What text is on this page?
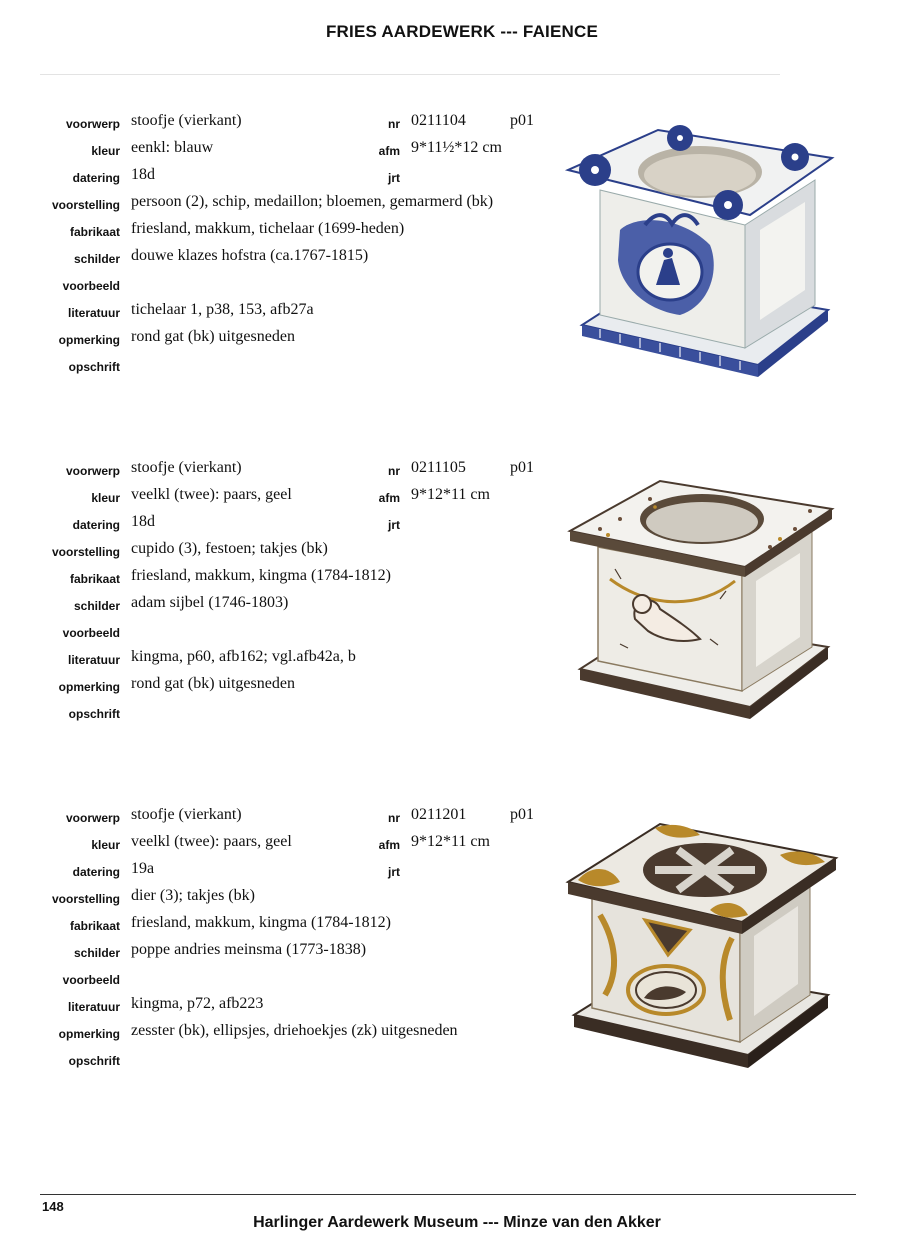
FRIES AARDEWERK --- FAIENCE
voorwerp stoofje (vierkant)	nr 0211104	p01
kleur eenkl: blauw	afm 9*11½*12 cm
datering 18d	jrt
voorstelling persoon (2), schip, medaillon; bloemen, gemarmerd (bk)
fabrikaat friesland, makkum, tichelaar (1699-heden)
schilder douwe klazes hofstra (ca.1767-1815)
voorbeeld
literatuur tichelaar 1, p38, 153, afb27a
opmerking rond gat (bk) uitgesneden
opschrift
voorwerp stoofje (vierkant)	nr 0211105	p01
kleur veelkl (twee): paars, geel	afm 9*12*11 cm
datering 18d	jrt
voorstelling cupido (3), festoen; takjes (bk)
fabrikaat friesland, makkum, kingma (1784-1812)
schilder adam sijbel (1746-1803)
voorbeeld
literatuur kingma, p60, afb162; vgl.afb42a, b
opmerking rond gat (bk) uitgesneden
opschrift
voorwerp stoofje (vierkant)	nr 0211201	p01
kleur veelkl (twee): paars, geel	afm 9*12*11 cm
datering 19a	jrt
voorstelling dier (3); takjes (bk)
fabrikaat friesland, makkum, kingma (1784-1812)
schilder poppe andries meinsma (1773-1838)
voorbeeld
literatuur kingma, p72, afb223
opmerking zesster (bk), ellipsjes, driehoekjes (zk) uitgesneden
opschrift
148
Harlinger Aardewerk Museum --- Minze van den Akker
